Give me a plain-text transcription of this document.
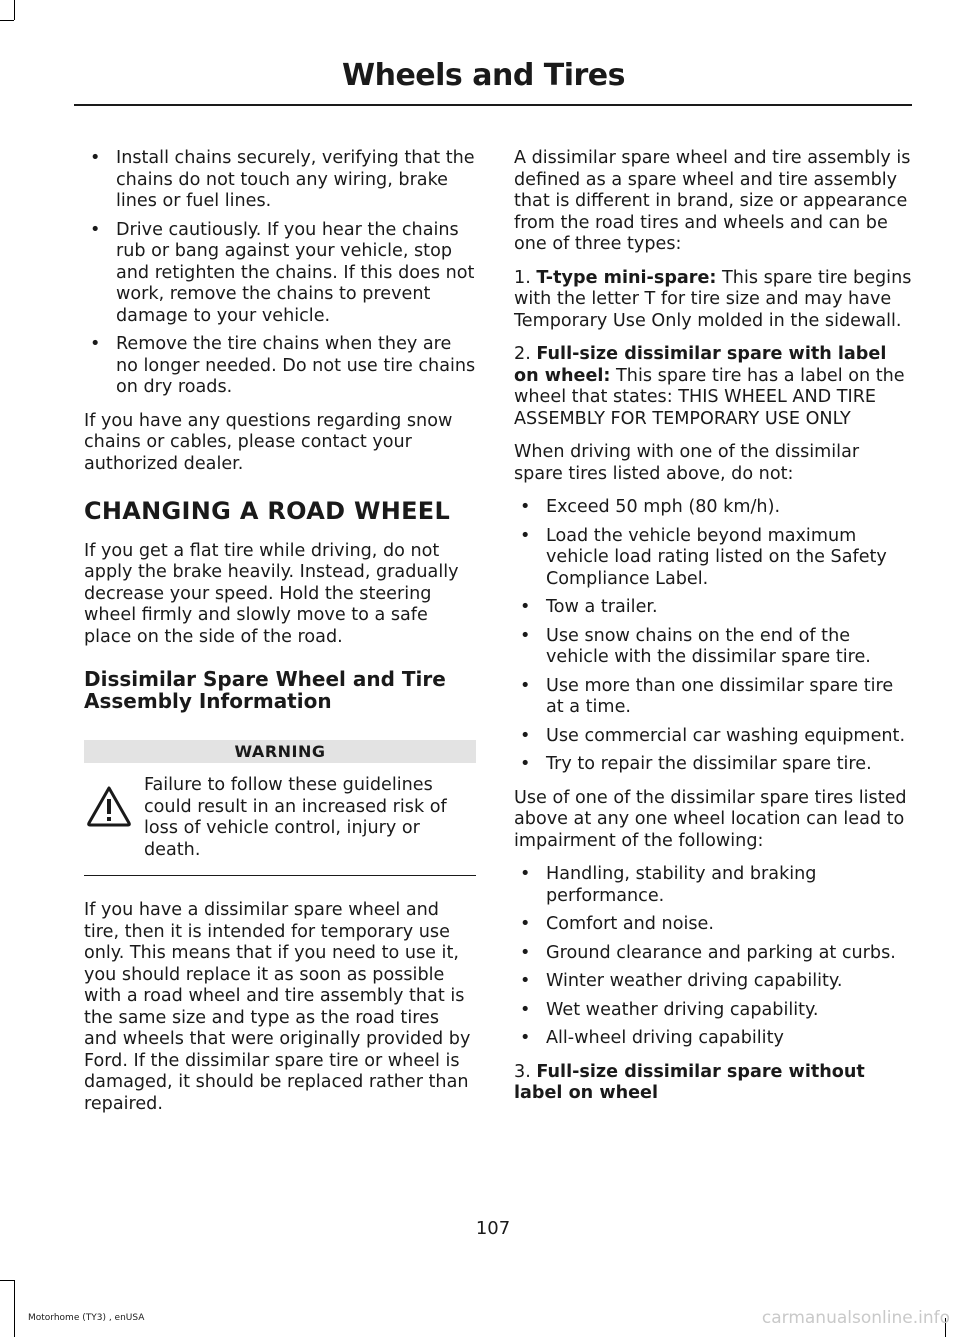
Wheels and Tires
• Install chains securely, verifying that the chains do not touch any wiring, brake lines or fuel lines.
• Drive cautiously. If you hear the chains rub or bang against your vehicle, stop and retighten the chains. If this does not work, remove the chains to prevent damage to your vehicle.
• Remove the tire chains when they are no longer needed. Do not use tire chains on dry roads.

If you have any questions regarding snow chains or cables, please contact your authorized dealer.

CHANGING A ROAD WHEEL

If you get a flat tire while driving, do not apply the brake heavily. Instead, gradually decrease your speed. Hold the steering wheel firmly and slowly move to a safe place on the side of the road.

Dissimilar Spare Wheel and Tire Assembly Information
WARNING
Failure to follow these guidelines could result in an increased risk of loss of vehicle control, injury or death.

If you have a dissimilar spare wheel and tire, then it is intended for temporary use only. This means that if you need to use it, you should replace it as soon as possible with a road wheel and tire assembly that is the same size and type as the road tires and wheels that were originally provided by Ford. If the dissimilar spare tire or wheel is damaged, it should be replaced rather than repaired.

A dissimilar spare wheel and tire assembly is defined as a spare wheel and tire assembly that is different in brand, size or appearance from the road tires and wheels and can be one of three types:

1. T-type mini-spare: This spare tire begins with the letter T for tire size and may have Temporary Use Only molded in the sidewall.

2. Full-size dissimilar spare with label on wheel: This spare tire has a label on the wheel that states: THIS WHEEL AND TIRE ASSEMBLY FOR TEMPORARY USE ONLY

When driving with one of the dissimilar spare tires listed above, do not:

• Exceed 50 mph (80 km/h).
• Load the vehicle beyond maximum vehicle load rating listed on the Safety Compliance Label.
• Tow a trailer.
• Use snow chains on the end of the vehicle with the dissimilar spare tire.
• Use more than one dissimilar spare tire at a time.
• Use commercial car washing equipment.
• Try to repair the dissimilar spare tire.

Use of one of the dissimilar spare tires listed above at any one wheel location can lead to impairment of the following:

• Handling, stability and braking performance.
• Comfort and noise.
• Ground clearance and parking at curbs.
• Winter weather driving capability.
• Wet weather driving capability.
• All-wheel driving capability

3. Full-size dissimilar spare without label on wheel

107
Motorhome (TY3) , enUSA	carmanualsonline.info
